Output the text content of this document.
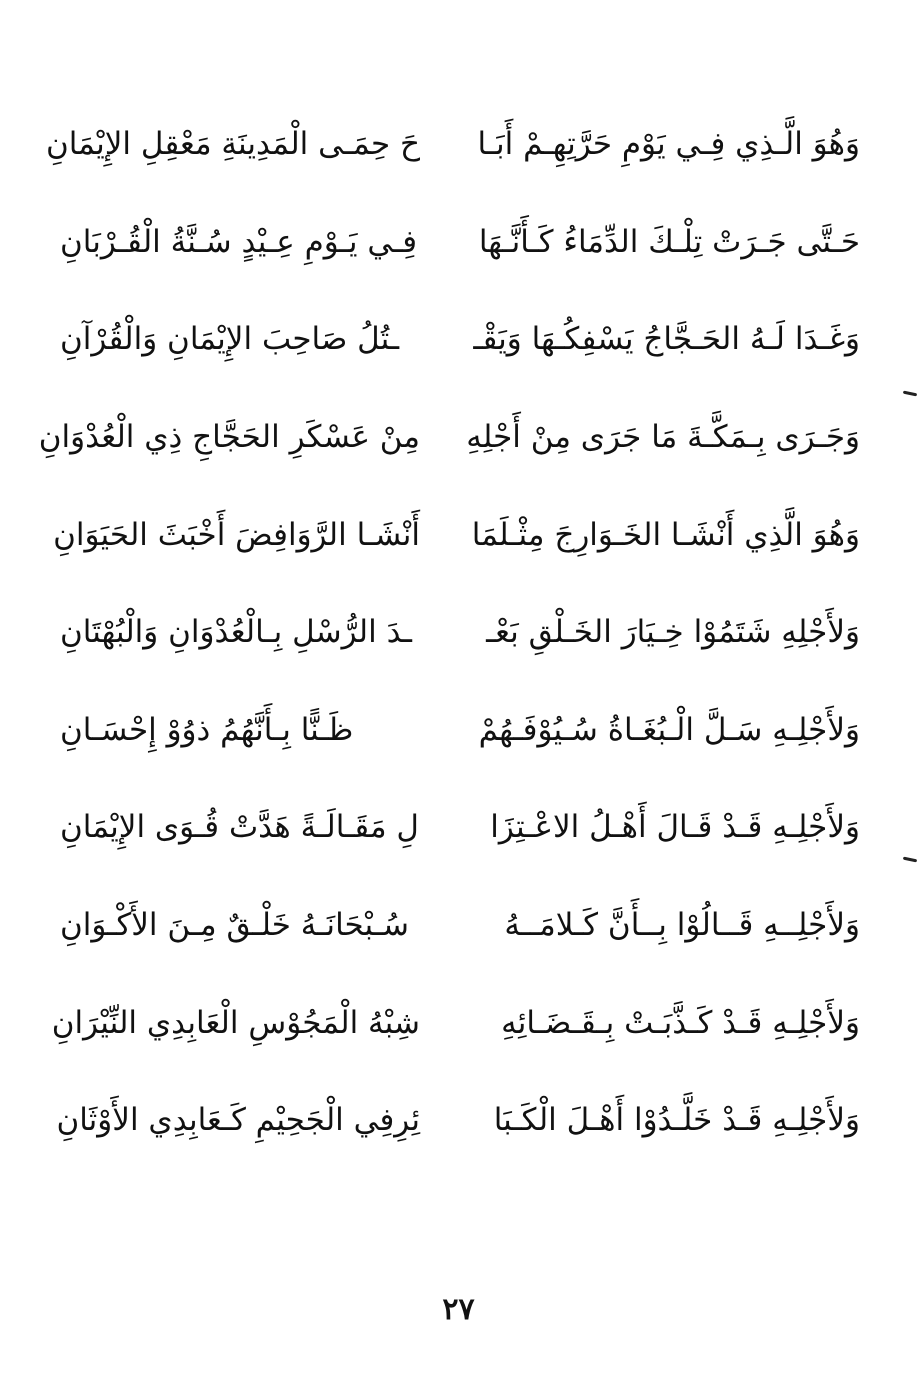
وَهُوَ الَّـذِي فِـي يَوْمِ حَرَّتِهِـمْ أَبَـا
حَ حِمَـى الْمَدِينَةِ مَعْقِلِ الإِيْمَانِ
حَـتَّى جَـرَتْ تِلْـكَ الدِّمَاءُ كَـأَنَّـهَا
فِـي يَـوْمِ عِـيْدٍ سُـنَّةُ الْقُـرْبَانِ
وَغَـدَا لَـهُ الحَـجَّاجُ يَسْفِكُـهَا وَيَقْـ
ـتُلُ صَاحِبَ الإِيْمَانِ وَالْقُرْآنِ
وَجَـرَى بِـمَكَّـةَ مَا جَرَى مِنْ أَجْلِهِ
مِنْ عَسْكَرِ الحَجَّاجِ ذِي الْعُدْوَانِ
وَهُوَ الَّذِي أَنْشَـا الخَـوَارِجَ مِثْـلَمَا
أَنْشَـا الرَّوَافِضَ أَخْبَثَ الحَيَوَانِ
وَلأَجْلِهِ شَتَمُوْا خِـيَارَ الخَـلْقِ بَعْـ
ـدَ الرُّسْلِ بِـالْعُدْوَانِ وَالْبُهْتَانِ
وَلأَجْلِـهِ سَـلَّ الْـبُغَـاةُ سُـيُوْفَـهُمْ
ظَـنًّا بِـأَنَّهُمُ ذوُوْ إِحْسَـانِ
وَلأَجْلِـهِ قَـدْ قَـالَ أَهْـلُ الاعْـتِزَا
لِ مَقَـالَـةً هَدَّتْ قُـوَى الإِيْمَانِ
وَلأَجْلِــهِ قَــالُوْا بِــأَنَّ كَـلامَــهُ
سُـبْحَانَـهُ خَلْـقٌ مِـنَ الأَكْـوَانِ
وَلأَجْلِـهِ قَـدْ كَـذَّبَـتْ بِـقَـضَـائِهِ
شِبْهُ الْمَجُوْسِ الْعَابِدِي النِّيْرَانِ
وَلأَجْلِـهِ قَـدْ خَلَّـدُوْا أَهْـلَ الْكَـبَا
ئِرِفِي الْجَحِيْمِ كَـعَابِدِي الأَوْثَانِ
٢٧
